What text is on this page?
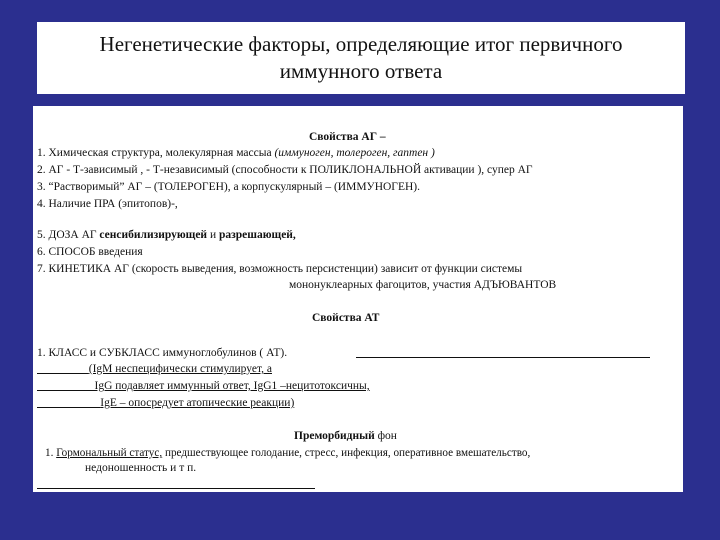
Негенетические факторы, определяющие итог первичного
иммунного ответа
Свойства АГ –
1. Химическая структура, молекулярная массыа (иммуноген, толероген, гаптен )
2. АГ - Т-зависимый , - Т-независимый (способности к ПОЛИКЛОНАЛЬНОЙ активации ), супер АГ
3. “Растворимый” АГ – (ТОЛЕРОГЕН), а корпускулярный – (ИММУНОГЕН).
4. Наличие ПРА (эпитопов)-,
5. ДОЗА АГ сенсибилизирующей и разрешающей,
6. СПОСОБ введения
7. КИНЕТИКА АГ (скорость выведения, возможность персистенции) зависит от функции системы
мононуклеарных фагоцитов, участия АДЪЮВАНТОВ
Свойства АТ
1. КЛАСС и СУБКЛАСС иммуноглобулинов ( АТ).
     (IgM неспецифически стимулирует, а
     IgG подавляет иммунный ответ, IgG1 –нецитотоксичны,
      IgE – опосредует атопические реакции)
Преморбидный фон
1. Гормональный статус, предшествующее голодание, стресс, инфекция, оперативное вмешательство,
недоношенность и т п.
